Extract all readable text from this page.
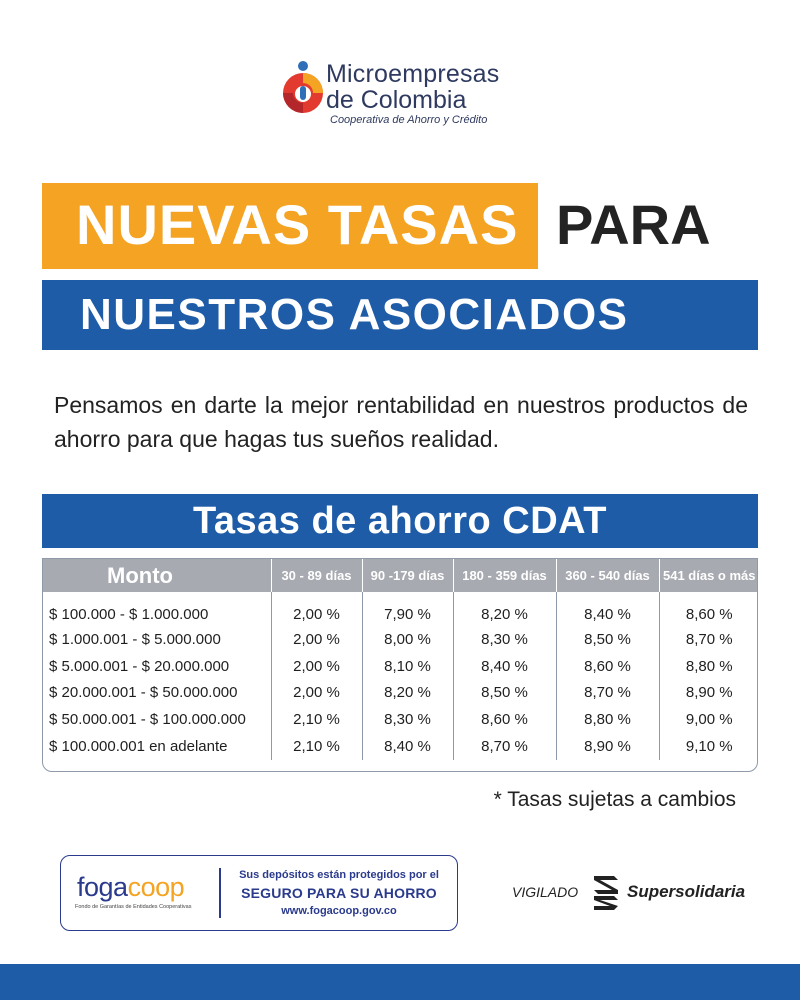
Microempresas
de Colombia
Cooperativa de Ahorro y Crédito
NUEVAS TASAS PARA
NUESTROS ASOCIADOS

Pensamos en darte la mejor rentabilidad en nuestros productos de ahorro para que hagas tus sueños realidad.

Tasas de ahorro CDAT
Monto	30 - 89 días	90 -179 días	180 - 359 días	360 - 540 días	541 días o más
$ 100.000 - $ 1.000.000	2,00 %	7,90 %	8,20 %	8,40 %	8,60 %
$ 1.000.001 - $ 5.000.000	2,00 %	8,00 %	8,30 %	8,50 %	8,70 %
$ 5.000.001 - $ 20.000.000	2,00 %	8,10 %	8,40 %	8,60 %	8,80 %
$ 20.000.001 - $ 50.000.000	2,00 %	8,20 %	8,50 %	8,70 %	8,90 %
$ 50.000.001 - $ 100.000.000	2,10 %	8,30 %	8,60 %	8,80 %	9,00 %
$ 100.000.001 en adelante	2,10 %	8,40 %	8,70 %	8,90 %	9,10 %
* Tasas sujetas a cambios
fogacoop
Fondo de Garantías de Entidades Cooperativas
Sus depósitos están protegidos por el
SEGURO PARA SU AHORRO
www.fogacoop.gov.co
VIGILADO	Supersolidaria
